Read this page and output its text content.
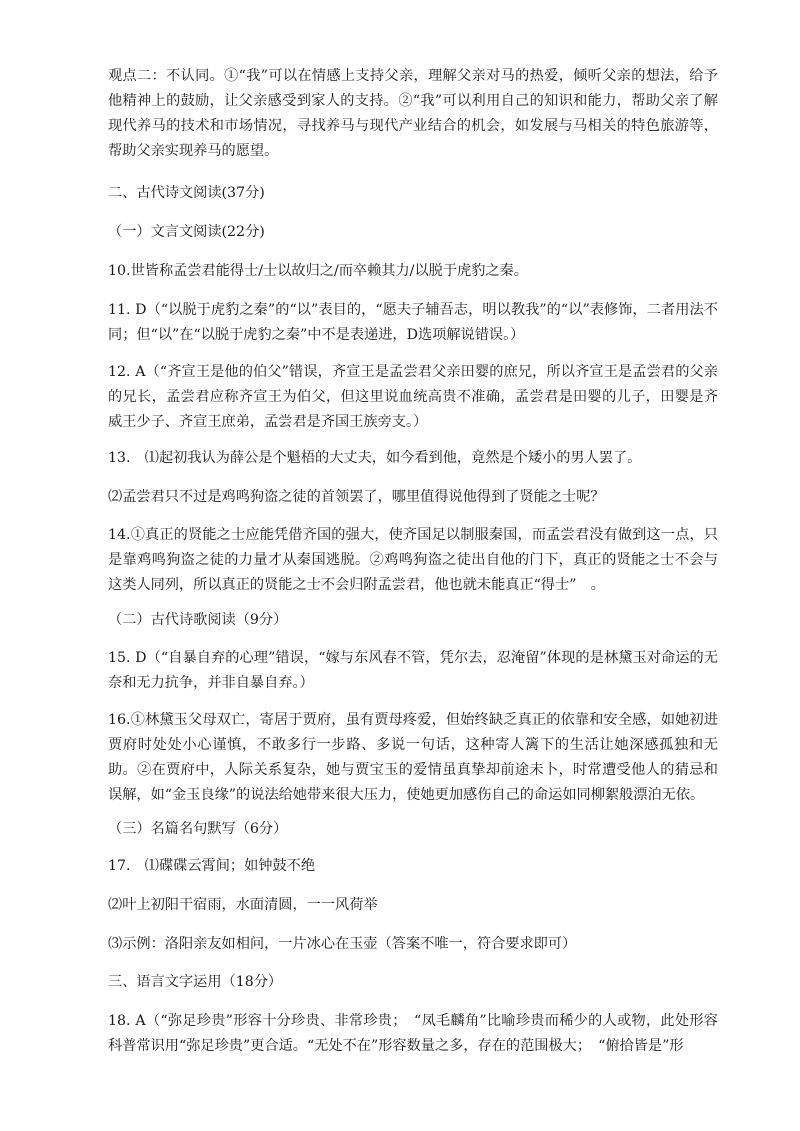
观点二：不认同。①“我”可以在情感上支持父亲，理解父亲对马的热爱，倾听父亲的想法，给予他精神上的鼓励，让父亲感受到家人的支持。②“我”可以利用自己的知识和能力，帮助父亲了解现代养马的技术和市场情况，寻找养马与现代产业结合的机会，如发展与马相关的特色旅游等，帮助父亲实现养马的愿望。

二、古代诗文阅读(37分)

（一）文言文阅读(22分)

10.世皆称孟尝君能得士/士以故归之/而卒赖其力/以脱于虎豹之秦。

11. D（“以脱于虎豹之秦”的“以”表目的，“愿夫子辅吾志，明以教我”的“以”表修饰，二者用法不同；但“以”在“以脱于虎豹之秦”中不是表递进，D选项解说错误。）

12. A（“齐宣王是他的伯父”错误，齐宣王是孟尝君父亲田婴的庶兄，所以齐宣王是孟尝君的父亲的兄长，孟尝君应称齐宣王为伯父，但这里说血统高贵不准确，孟尝君是田婴的儿子，田婴是齐威王少子、齐宣王庶弟，孟尝君是齐国王族旁支。）

13.　⑴起初我认为薛公是个魁梧的大丈夫，如今看到他，竟然是个矮小的男人罢了。

⑵孟尝君只不过是鸡鸣狗盗之徒的首领罢了，哪里值得说他得到了贤能之士呢？

14.①真正的贤能之士应能凭借齐国的强大，使齐国足以制服秦国，而孟尝君没有做到这一点，只是靠鸡鸣狗盗之徒的力量才从秦国逃脱。②鸡鸣狗盗之徒出自他的门下，真正的贤能之士不会与这类人同列，所以真正的贤能之士不会归附孟尝君，他也就未能真正“得士”　。

（二）古代诗歌阅读（9分）

15. D（“自暴自弃的心理”错误，“嫁与东风春不管，凭尔去，忍淹留”体现的是林黛玉对命运的无奈和无力抗争，并非自暴自弃。）

16.①林黛玉父母双亡，寄居于贾府，虽有贾母疼爱，但始终缺乏真正的依靠和安全感，如她初进贾府时处处小心谨慎，不敢多行一步路、多说一句话，这种寄人篱下的生活让她深感孤独和无助。②在贾府中，人际关系复杂，她与贾宝玉的爱情虽真挚却前途未卜，时常遭受他人的猜忌和误解，如“金玉良缘”的说法给她带来很大压力，使她更加感伤自己的命运如同柳絮般漂泊无依。

（三）名篇名句默写（6分）

17.　⑴碟碟云霄间；如钟鼓不绝

⑵叶上初阳干宿雨，水面清圆，一一风荷举

⑶示例：洛阳亲友如相问，一片冰心在玉壶（答案不唯一，符合要求即可）

三、语言文字运用（18分）

18. A（“弥足珍贵”形容十分珍贵、非常珍贵；　“凤毛麟角”比喻珍贵而稀少的人或物，此处形容科普常识用“弥足珍贵”更合适。“无处不在”形容数量之多，存在的范围极大；　“俯拾皆是”形
